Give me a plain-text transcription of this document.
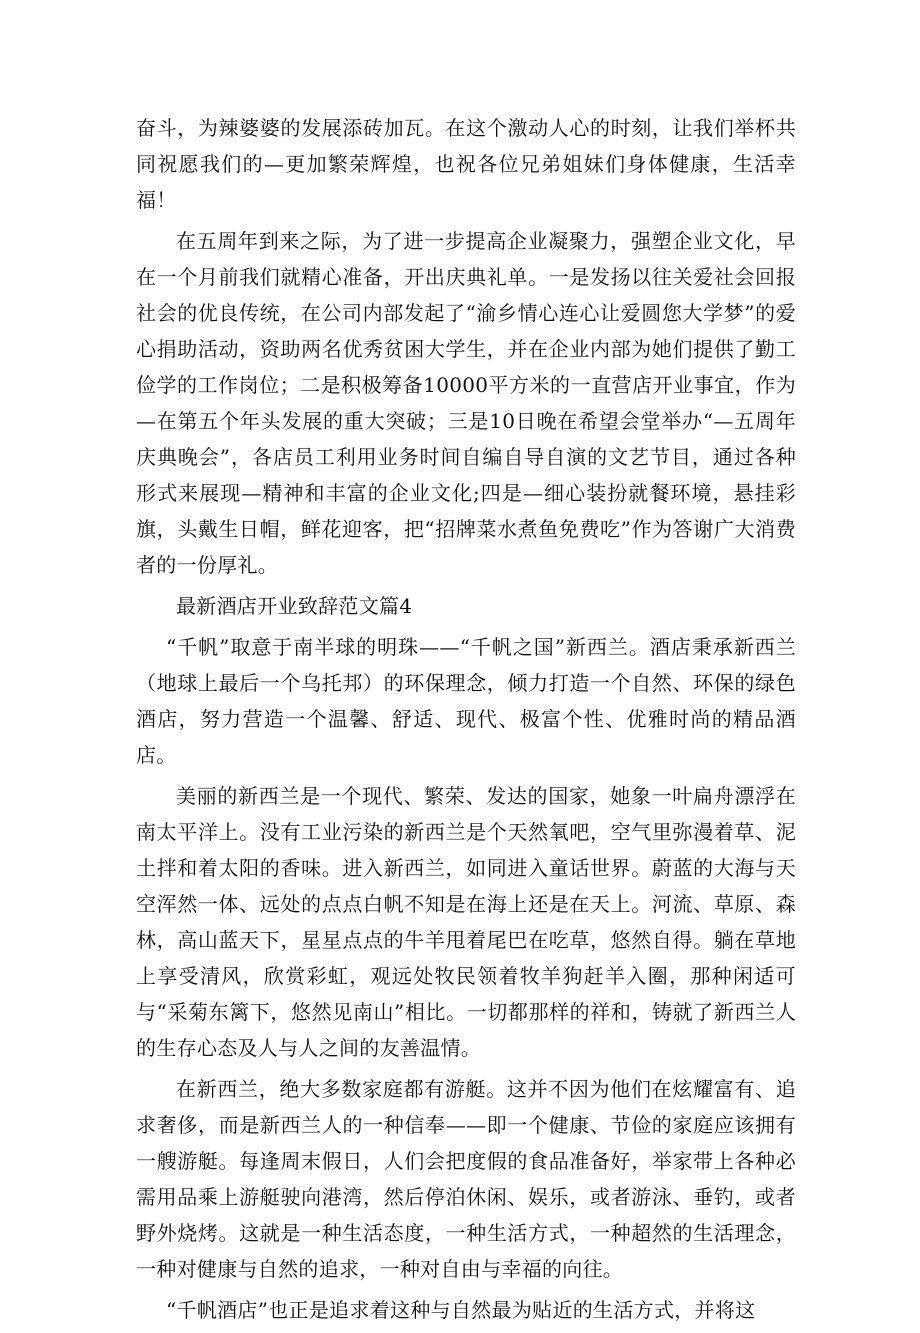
奋斗，为辣婆婆的发展添砖加瓦。在这个激动人心的时刻，让我们举杯共同祝愿我们的—更加繁荣辉煌，也祝各位兄弟姐妹们身体健康，生活幸福！

在五周年到来之际，为了进一步提高企业凝聚力，强塑企业文化，早在一个月前我们就精心准备，开出庆典礼单。一是发扬以往关爱社会回报社会的优良传统，在公司内部发起了“渝乡情心连心让爱圆您大学梦”的爱心捐助活动，资助两名优秀贫困大学生，并在企业内部为她们提供了勤工俭学的工作岗位；二是积极筹备10000平方米的一直营店开业事宜，作为—在第五个年头发展的重大突破；三是10日晚在希望会堂举办“—五周年庆典晚会”，各店员工利用业务时间自编自导自演的文艺节目，通过各种形式来展现—精神和丰富的企业文化;四是—细心装扮就餐环境，悬挂彩旗，头戴生日帽，鲜花迎客，把“招牌菜水煮鱼免费吃”作为答谢广大消费者的一份厚礼。

最新酒店开业致辞范文篇4

“千帆”取意于南半球的明珠——“千帆之国”新西兰。酒店秉承新西兰（地球上最后一个乌托邦）的环保理念，倾力打造一个自然、环保的绿色酒店，努力营造一个温馨、舒适、现代、极富个性、优雅时尚的精品酒店。

美丽的新西兰是一个现代、繁荣、发达的国家，她象一叶扁舟漂浮在南太平洋上。没有工业污染的新西兰是个天然氧吧，空气里弥漫着草、泥土拌和着太阳的香味。进入新西兰，如同进入童话世界。蔚蓝的大海与天空浑然一体、远处的点点白帆不知是在海上还是在天上。河流、草原、森林，高山蓝天下，星星点点的牛羊甩着尾巴在吃草，悠然自得。躺在草地上享受清风，欣赏彩虹，观远处牧民领着牧羊狗赶羊入圈，那种闲适可与“采菊东篱下，悠然见南山”相比。一切都那样的祥和，铸就了新西兰人的生存心态及人与人之间的友善温情。

在新西兰，绝大多数家庭都有游艇。这并不因为他们在炫耀富有、追求奢侈，而是新西兰人的一种信奉——即一个健康、节俭的家庭应该拥有一艘游艇。每逢周末假日，人们会把度假的食品准备好，举家带上各种必需用品乘上游艇驶向港湾，然后停泊休闲、娱乐，或者游泳、垂钓，或者野外烧烤。这就是一种生活态度，一种生活方式，一种超然的生活理念，一种对健康与自然的追求，一种对自由与幸福的向往。

“千帆酒店”也正是追求着这种与自然最为贴近的生活方式，并将这
